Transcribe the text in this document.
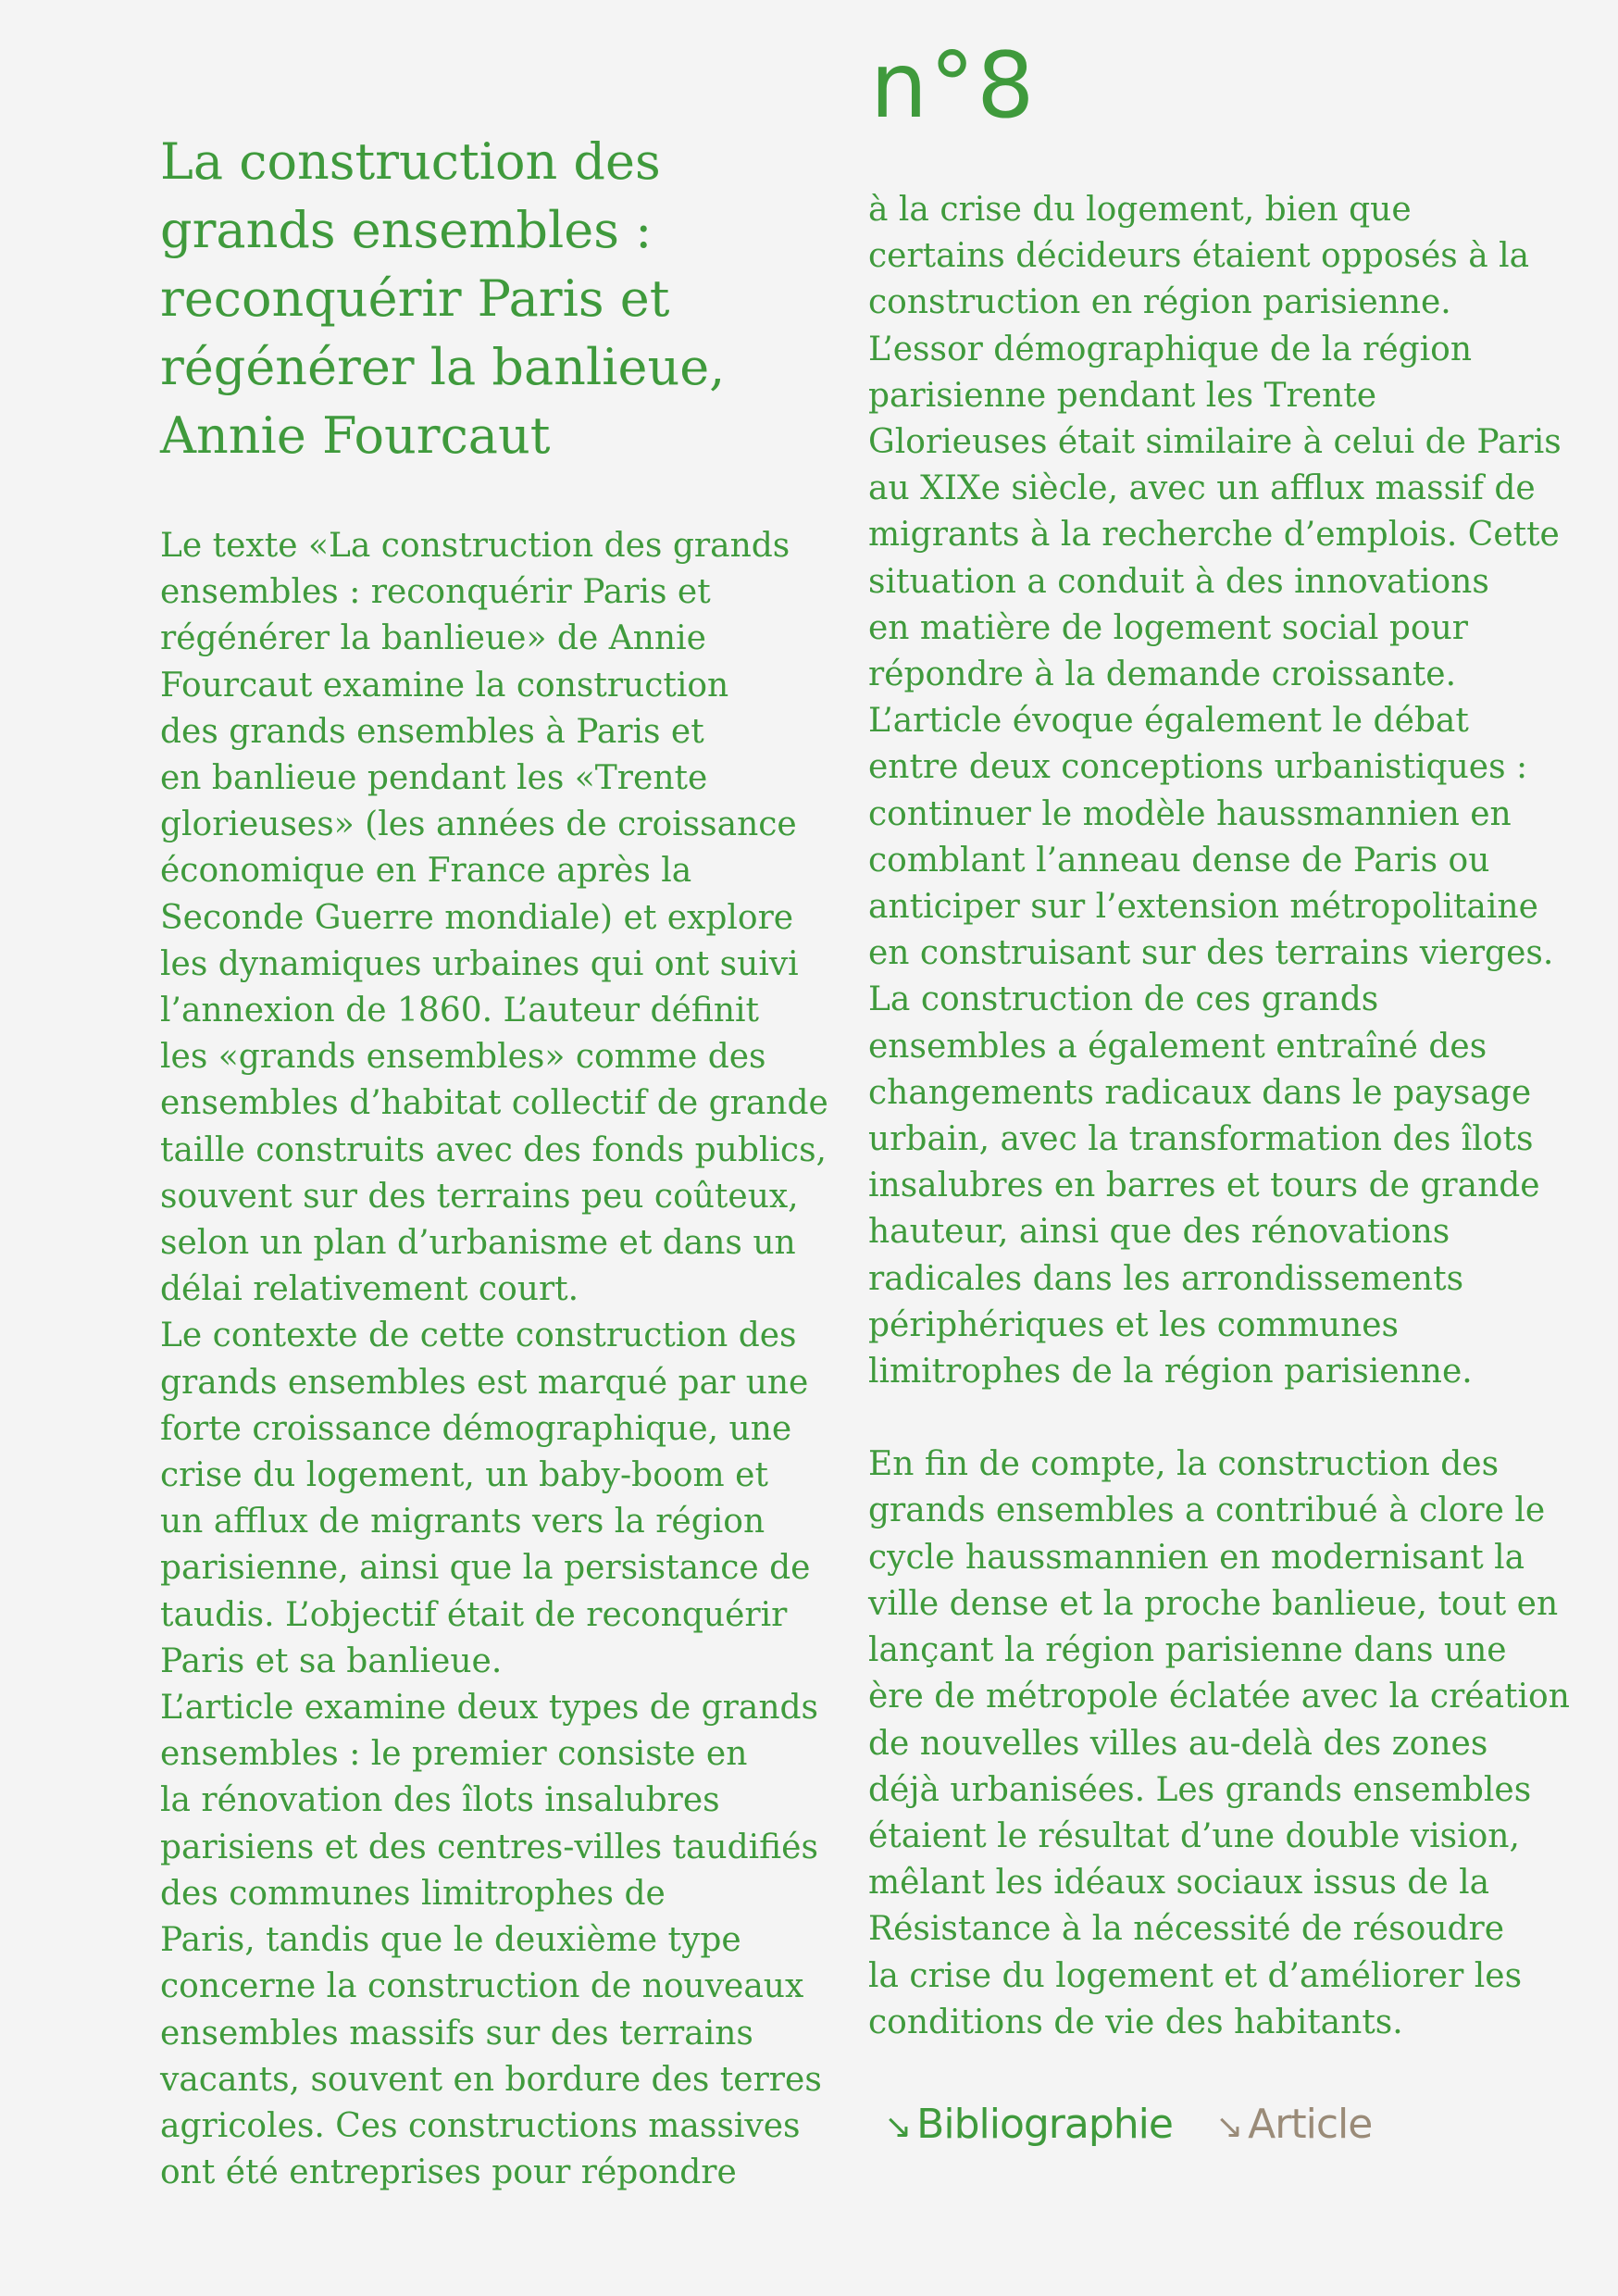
n°8
La construction des
grands ensembles :
reconquérir Paris et
régénérer la banlieue,
Annie Fourcaut

Le texte «La construction des grands

ensembles : reconquérir Paris et

régénérer la banlieue» de Annie

Fourcaut examine la construction

des grands ensembles à Paris et

en banlieue pendant les «Trente

glorieuses» (les années de croissance

économique en France après la

Seconde Guerre mondiale) et explore

les dynamiques urbaines qui ont suivi

l’annexion de 1860. L’auteur définit

les «grands ensembles» comme des

ensembles d’habitat collectif de grande

taille construits avec des fonds publics,

souvent sur des terrains peu coûteux,

selon un plan d’urbanisme et dans un

délai relativement court.

Le contexte de cette construction des

grands ensembles est marqué par une

forte croissance démographique, une

crise du logement, un baby-boom et

un afflux de migrants vers la région

parisienne, ainsi que la persistance de

taudis. L’objectif était de reconquérir

Paris et sa banlieue.

L’article examine deux types de grands

ensembles : le premier consiste en

la rénovation des îlots insalubres

parisiens et des centres-villes taudifiés

des communes limitrophes de

Paris, tandis que le deuxième type

concerne la construction de nouveaux

ensembles massifs sur des terrains

vacants, souvent en bordure des terres

agricoles. Ces constructions massives

ont été entreprises pour répondre

à la crise du logement, bien que

certains décideurs étaient opposés à la

construction en région parisienne.

L’essor démographique de la région

parisienne pendant les Trente

Glorieuses était similaire à celui de Paris

au XIXe siècle, avec un afflux massif de

migrants à la recherche d’emplois. Cette

situation a conduit à des innovations

en matière de logement social pour

répondre à la demande croissante.

L’article évoque également le débat

entre deux conceptions urbanistiques :

continuer le modèle haussmannien en

comblant l’anneau dense de Paris ou

anticiper sur l’extension métropolitaine

en construisant sur des terrains vierges.

La construction de ces grands

ensembles a également entraîné des

changements radicaux dans le paysage

urbain, avec la transformation des îlots

insalubres en barres et tours de grande

hauteur, ainsi que des rénovations

radicales dans les arrondissements

périphériques et les communes

limitrophes de la région parisienne.

En fin de compte, la construction des

grands ensembles a contribué à clore le

cycle haussmannien en modernisant la

ville dense et la proche banlieue, tout en

lançant la région parisienne dans une

ère de métropole éclatée avec la création

de nouvelles villes au-delà des zones

déjà urbanisées. Les grands ensembles

étaient le résultat d’une double vision,

mêlant les idéaux sociaux issus de la

Résistance à la nécessité de résoudre

la crise du logement et d’améliorer les

conditions de vie des habitants.

↘ Bibliographie ↘ Article
